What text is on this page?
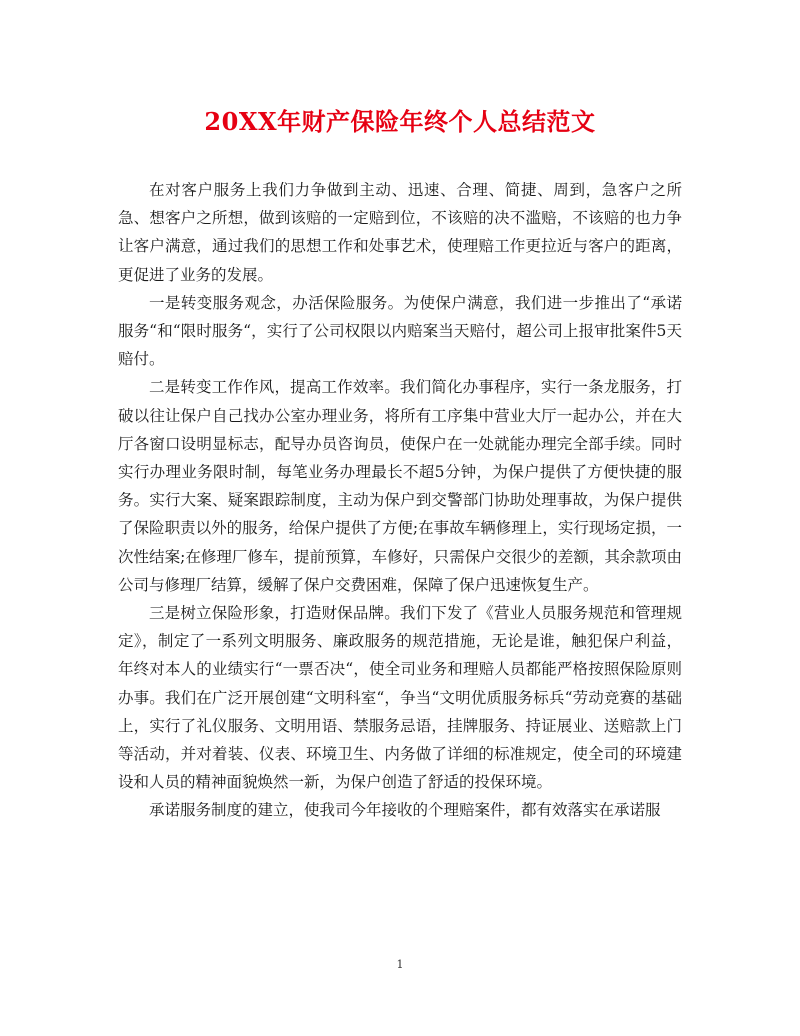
20XX年财产保险年终个人总结范文

在对客户服务上我们力争做到主动、迅速、合理、简捷、周到，急客户之所急、想客户之所想，做到该赔的一定赔到位，不该赔的决不滥赔，不该赔的也力争让客户满意，通过我们的思想工作和处事艺术，使理赔工作更拉近与客户的距离，更促进了业务的发展。

一是转变服务观念，办活保险服务。为使保户满意，我们进一步推出了“承诺服务“和“限时服务“，实行了公司权限以内赔案当天赔付，超公司上报审批案件5天赔付。

二是转变工作作风，提高工作效率。我们简化办事程序，实行一条龙服务，打破以往让保户自己找办公室办理业务，将所有工序集中营业大厅一起办公，并在大厅各窗口设明显标志，配导办员咨询员，使保户在一处就能办理完全部手续。同时实行办理业务限时制，每笔业务办理最长不超5分钟，为保户提供了方便快捷的服务。实行大案、疑案跟踪制度，主动为保户到交警部门协助处理事故，为保户提供了保险职责以外的服务，给保户提供了方便;在事故车辆修理上，实行现场定损，一次性结案;在修理厂修车，提前预算，车修好，只需保户交很少的差额，其余款项由公司与修理厂结算，缓解了保户交费困难，保障了保户迅速恢复生产。

三是树立保险形象，打造财保品牌。我们下发了《营业人员服务规范和管理规定》，制定了一系列文明服务、廉政服务的规范措施，无论是谁，触犯保户利益，年终对本人的业绩实行“一票否决“，使全司业务和理赔人员都能严格按照保险原则办事。我们在广泛开展创建“文明科室“，争当“文明优质服务标兵“劳动竞赛的基础上，实行了礼仪服务、文明用语、禁服务忌语，挂牌服务、持证展业、送赔款上门等活动，并对着装、仪表、环境卫生、内务做了详细的标准规定，使全司的环境建设和人员的精神面貌焕然一新，为保户创造了舒适的投保环境。

承诺服务制度的建立，使我司今年接收的个理赔案件，都有效落实在承诺服

1
